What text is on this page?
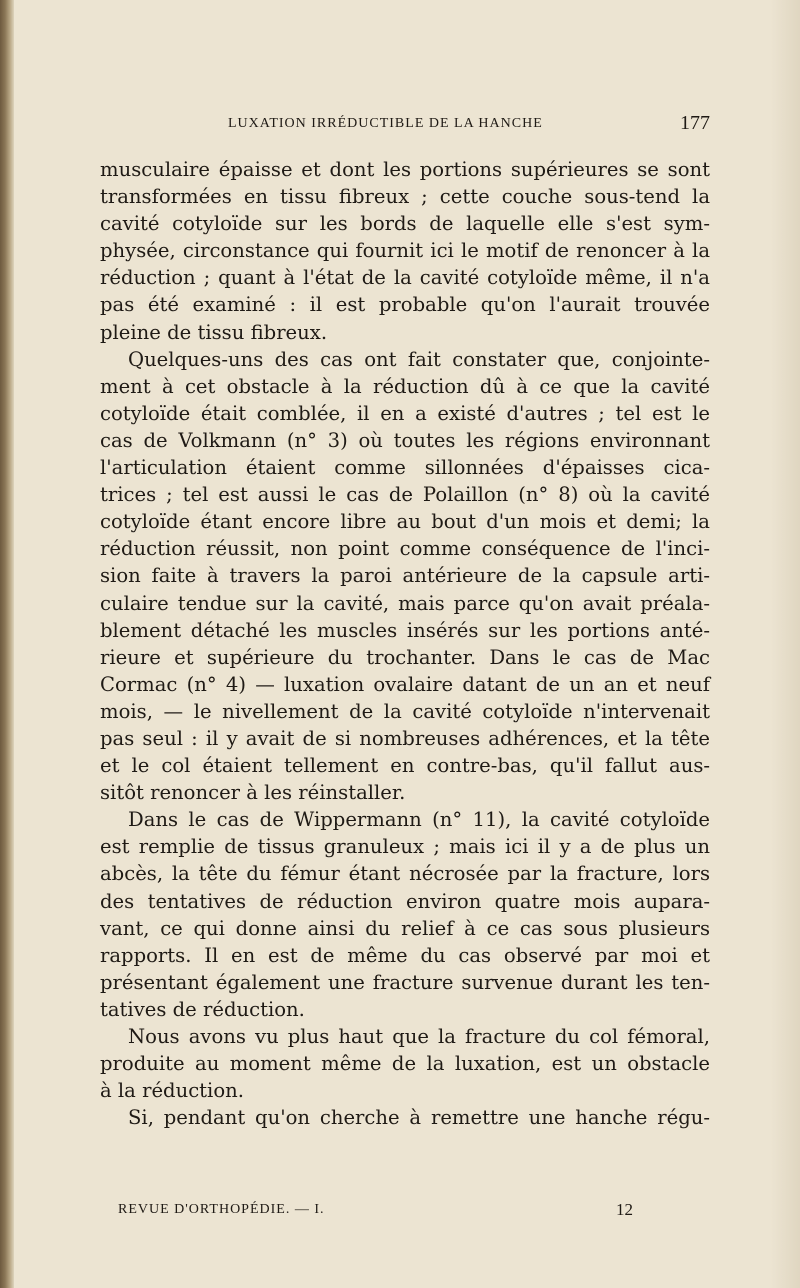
LUXATION IRRÉDUCTIBLE DE LA HANCHE	177
musculaire épaisse et dont les portions supérieures se sont
transformées en tissu fibreux ; cette couche sous-tend la
cavité cotyloïde sur les bords de laquelle elle s'est sym-
physée, circonstance qui fournit ici le motif de renoncer à la
réduction ; quant à l'état de la cavité cotyloïde même, il n'a
pas été examiné : il est probable qu'on l'aurait trouvée
pleine de tissu fibreux.
Quelques-uns des cas ont fait constater que, conjointe-
ment à cet obstacle à la réduction dû à ce que la cavité
cotyloïde était comblée, il en a existé d'autres ; tel est le
cas de Volkmann (n° 3) où toutes les régions environnant
l'articulation étaient comme sillonnées d'épaisses cica-
trices ; tel est aussi le cas de Polaillon (n° 8) où la cavité
cotyloïde étant encore libre au bout d'un mois et demi; la
réduction réussit, non point comme conséquence de l'inci-
sion faite à travers la paroi antérieure de la capsule arti-
culaire tendue sur la cavité, mais parce qu'on avait préala-
blement détaché les muscles insérés sur les portions anté-
rieure et supérieure du trochanter. Dans le cas de Mac
Cormac (n° 4) — luxation ovalaire datant de un an et neuf
mois, — le nivellement de la cavité cotyloïde n'intervenait
pas seul : il y avait de si nombreuses adhérences, et la tête
et le col étaient tellement en contre-bas, qu'il fallut aus-
sitôt renoncer à les réinstaller.
Dans le cas de Wippermann (n° 11), la cavité cotyloïde
est remplie de tissus granuleux ; mais ici il y a de plus un
abcès, la tête du fémur étant nécrosée par la fracture, lors
des tentatives de réduction environ quatre mois aupara-
vant, ce qui donne ainsi du relief à ce cas sous plusieurs
rapports. Il en est de même du cas observé par moi et
présentant également une fracture survenue durant les ten-
tatives de réduction.
Nous avons vu plus haut que la fracture du col fémoral,
produite au moment même de la luxation, est un obstacle
à la réduction.
Si, pendant qu'on cherche à remettre une hanche régu-
REVUE D'ORTHOPÉDIE. — I.	12
